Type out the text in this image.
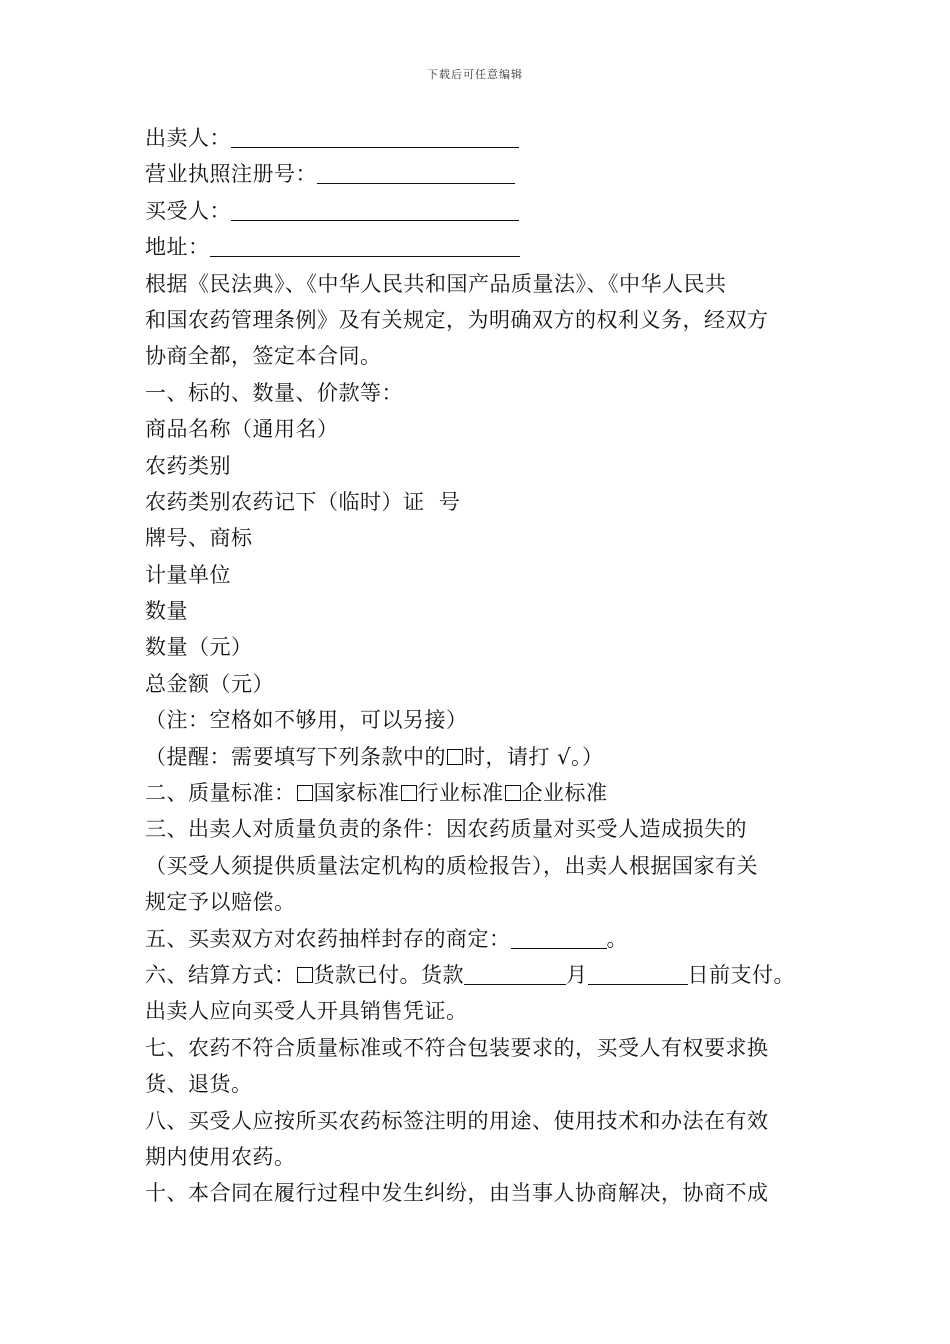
下载后可任意编辑
出卖人：
营业执照注册号：
买受人：
地址：
根据《民法典》、《中华人民共和国产品质量法》、《中华人民共
和国农药管理条例》及有关规定，为明确双方的权利义务，经双方
协商全都，签定本合同。
一、标的、数量、价款等：
商品名称（通用名）
农药类别
农药类别农药记下（临时）证  号
牌号、商标
计量单位
数量
数量（元）
总金额（元）
（注：空格如不够用，可以另接）
（提醒：需要填写下列条款中的 时，请打 √。）
二、质量标准： 国家标准 行业标准 企业标准
三、出卖人对质量负责的条件：因农药质量对买受人造成损失的
（买受人须提供质量法定机构的质检报告），出卖人根据国家有关
规定予以赔偿。
五、买卖双方对农药抽样封存的商定：	。
六、结算方式： 货款已付。货款	月	日前支付。
出卖人应向买受人开具销售凭证。
七、农药不符合质量标准或不符合包装要求的，买受人有权要求换
货、退货。
八、买受人应按所买农药标签注明的用途、使用技术和办法在有效
期内使用农药。
十、本合同在履行过程中发生纠纷，由当事人协商解决，协商不成
